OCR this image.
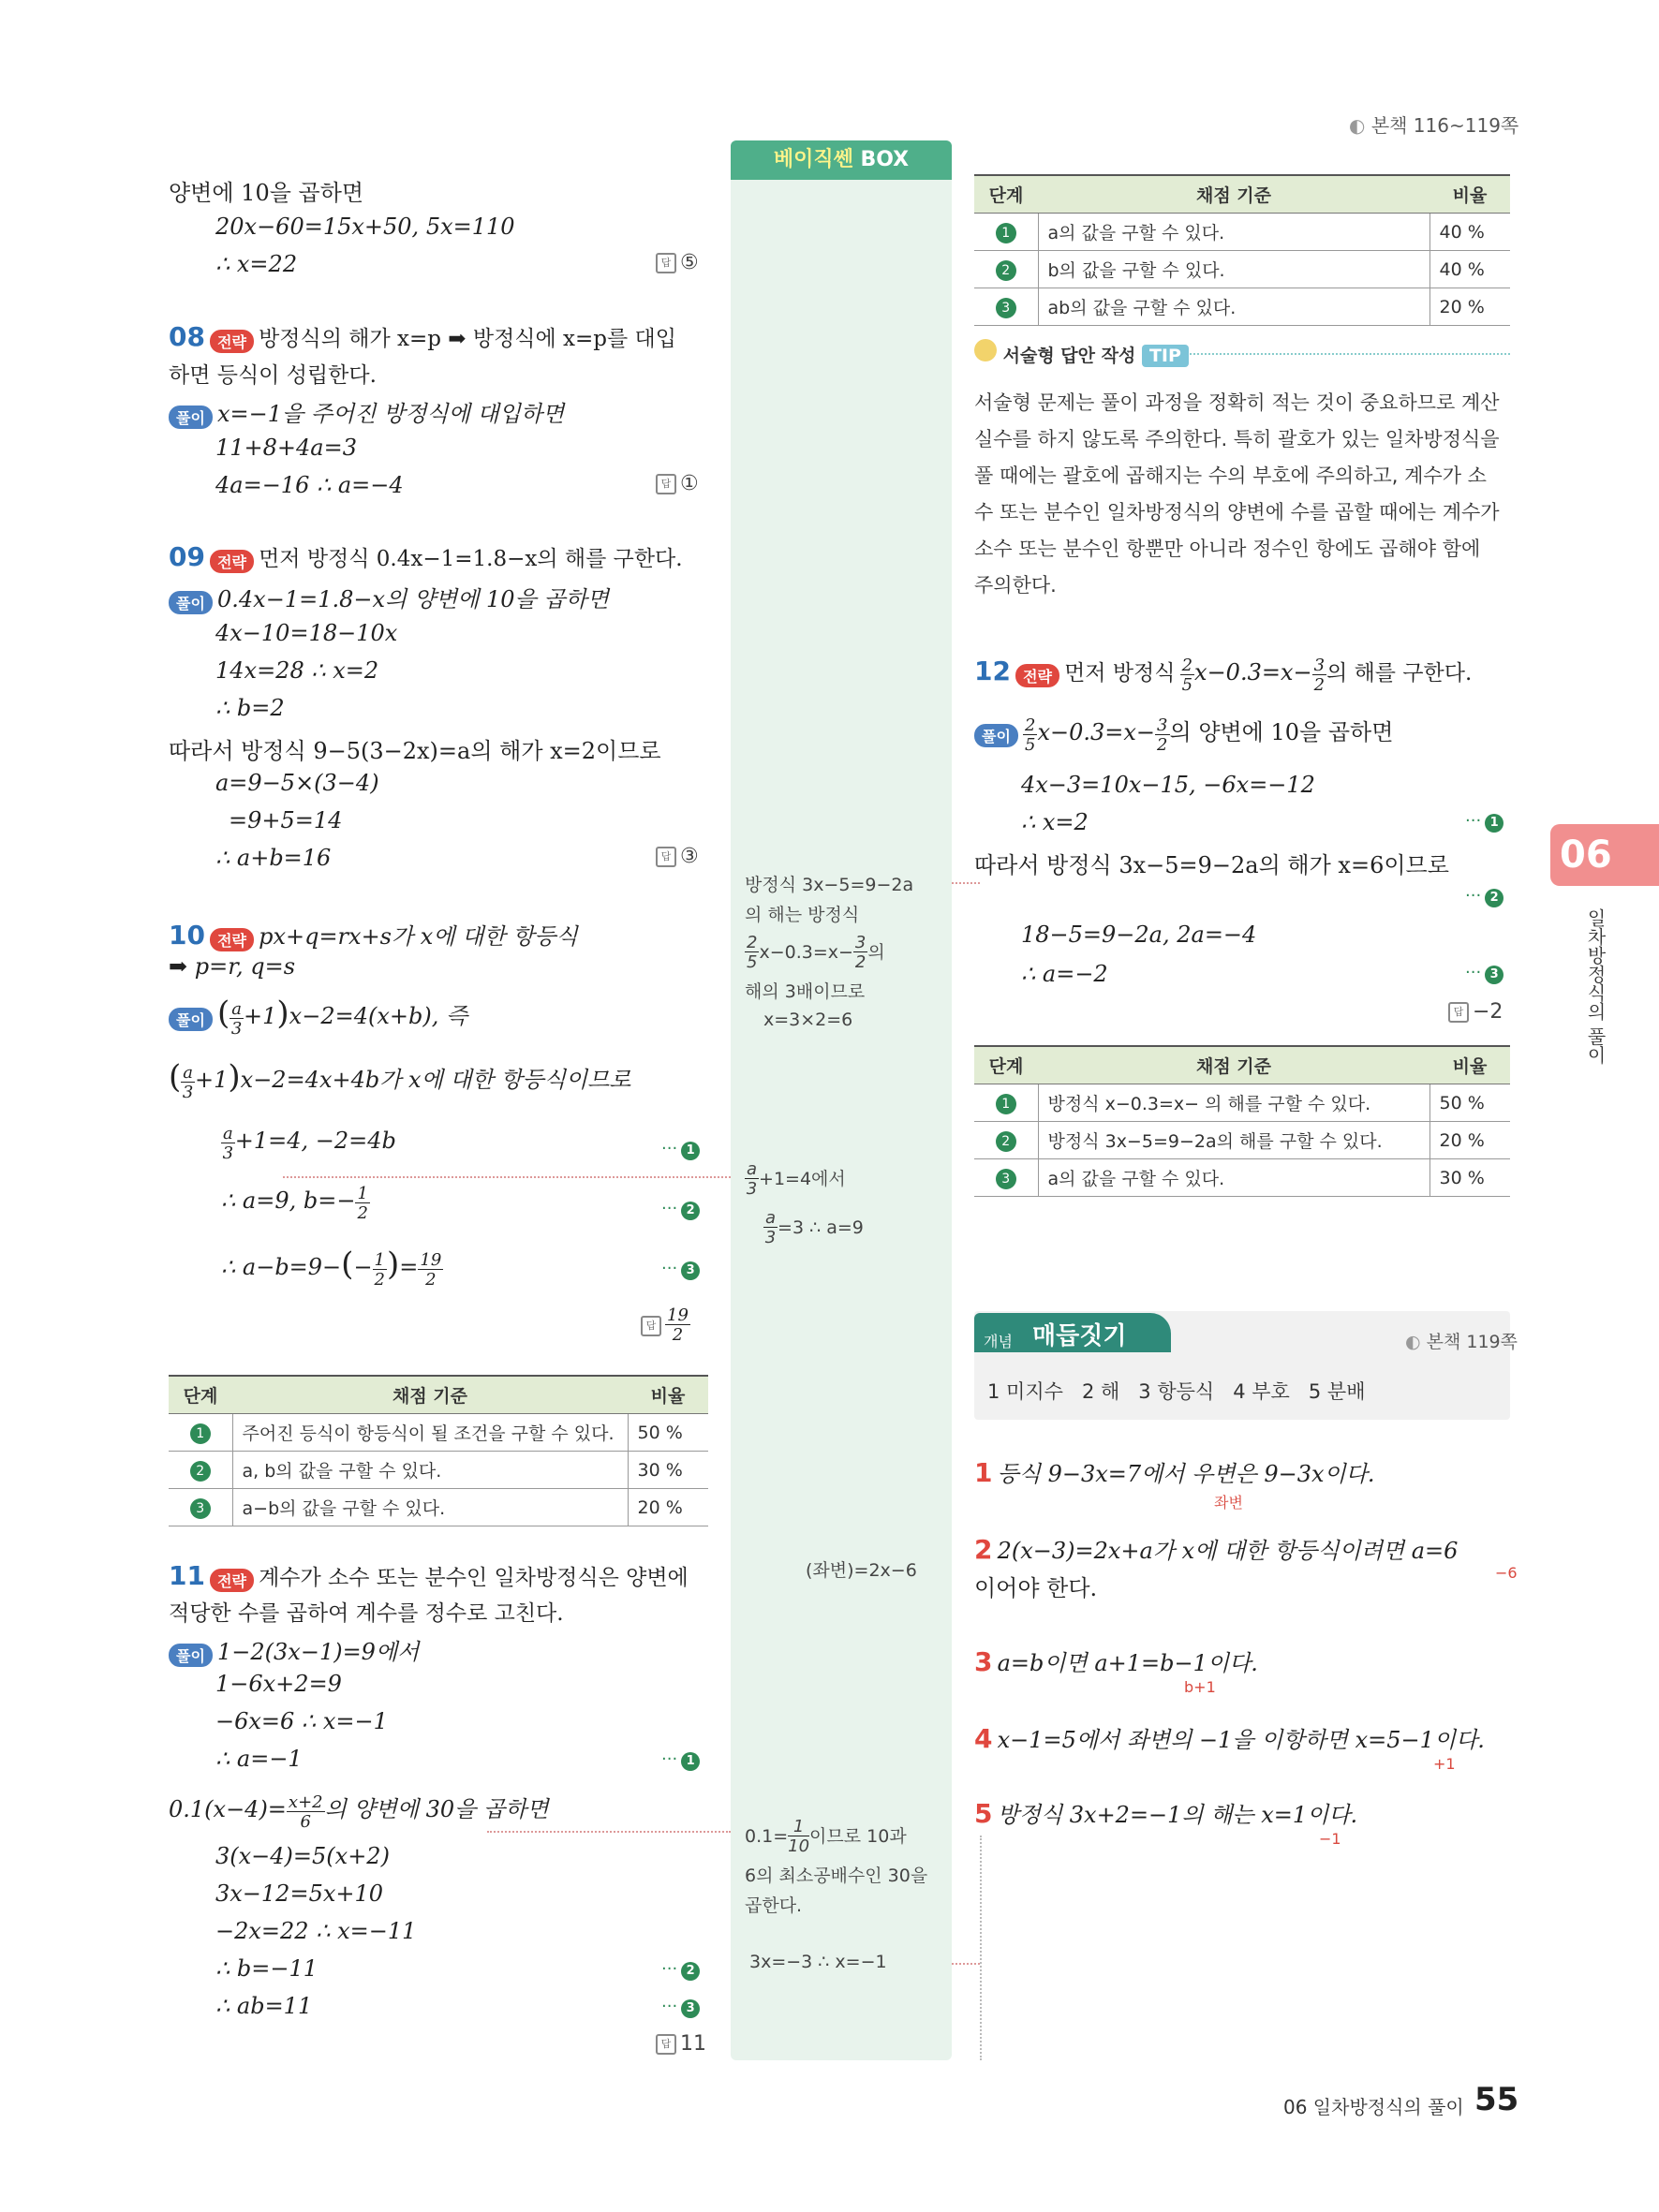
◐ 본책 116~119쪽
베이직쎈 BOX
방정식 3x−5=9−2a
의 해는 방정식
$\frac{2}{5} x-0.3=x- \frac{3}{2}$ 의
해의 3배이므로
x=3×2=6
$\frac{a}{3} +1=4$에서
$\frac{a}{3} =3$ ∴ a=9
(좌변)=2x−6
$0.1= \frac{1}{10}$ 이므로 10과
6의 최소공배수인 30을
곱한다.
3x=−3 ∴ x=−1
양변에 10을 곱하면
20x−60=15x+50, 5x=110
∴ x=22	답 ⑤
08 전략 방정식의 해가 x=p ➡ 방정식에 x=p를 대입
하면 등식이 성립한다.
풀이 x=−1을 주어진 방정식에 대입하면
11+8+4a=3
4a=−16 ∴ a=−4	답 ①
09 전략 먼저 방정식 0.4x−1=1.8−x의 해를 구한다.
풀이 0.4x−1=1.8−x의 양변에 10을 곱하면
4x−10=18−10x
14x=28 ∴ x=2
∴ b=2
따라서 방정식 9−5(3−2x)=a의 해가 x=2이므로
a=9−5×(3−4)
=9+5=14
∴ a+b=16	답 ③
10 전략 px+q=rx+s가 x에 대한 항등식
➡ p=r, q=s
풀이 ( $\frac{a}{3} +1)x-2=4(x+b)$, 즉
( $\frac{a}{3} +1)x-2=4x+4b$가 x에 대한 항등식이므로
$\frac{a}{3} +1=4$, −2=4b	··· 1
∴ a=9, $b=- \frac{1}{2}$	··· 2
∴ $a-b=9-(- \frac{1}{2}$ )= $\frac{19}{2}$	··· 3
답 $\frac{19}{2}$
단계	채점 기준	비율
1	주어진 등식이 항등식이 될 조건을 구할 수 있다.	50 %
2	a, b의 값을 구할 수 있다.	30 %
3	a−b의 값을 구할 수 있다.	20 %
11 전략 계수가 소수 또는 분수인 일차방정식은 양변에
적당한 수를 곱하여 계수를 정수로 고친다.
풀이 1−2(3x−1)=9에서
1−6x+2=9
−6x=6 ∴ x=−1
∴ a=−1	··· 1
$0.1(x-4)= \frac{x+2}{6}$ 의 양변에 30을 곱하면
3(x−4)=5(x+2)
3x−12=5x+10
−2x=22 ∴ x=−11
∴ b=−11	··· 2
∴ ab=11	··· 3
답 11
단계	채점 기준	비율
1	a의 값을 구할 수 있다.	40 %
2	b의 값을 구할 수 있다.	40 %
3	ab의 값을 구할 수 있다.	20 %
서술형 답안 작성 TIP
서술형 문제는 풀이 과정을 정확히 적는 것이 중요하므로 계산
실수를 하지 않도록 주의한다. 특히 괄호가 있는 일차방정식을
풀 때에는 괄호에 곱해지는 수의 부호에 주의하고, 계수가 소
수 또는 분수인 일차방정식의 양변에 수를 곱할 때에는 계수가
소수 또는 분수인 항뿐만 아니라 정수인 항에도 곱해야 함에
주의한다.
12 전략 먼저 방정식 $\frac{2}{5} x-0.3=x- \frac{3}{2}$ 의 해를 구한다.
풀이 $\frac{2}{5} x-0.3=x- \frac{3}{2}$ 의 양변에 10을 곱하면
4x−3=10x−15, −6x=−12
∴ x=2	··· 1
따라서 방정식 3x−5=9−2a의 해가 x=6이므로
··· 2
18−5=9−2a, 2a=−4
∴ a=−2	··· 3
답 −2
단계	채점 기준	비율
1	방정식 x−0.3=x− 의 해를 구할 수 있다.	50 %
2	방정식 3x−5=9−2a의 해를 구할 수 있다.	20 %
3	a의 값을 구할 수 있다.	30 %
개념 매듭짓기	◐ 본책 119쪽
1 미지수 2 해 3 항등식 4 부호 5 분배
1 등식 9−3x=7에서 우변은 9−3x이다.
좌변
2 2(x−3)=2x+a가 x에 대한 항등식이려면 a=6
이어야 한다.
−6
3 a=b이면 a+1=b−1이다.
b+1
4 x−1=5에서 좌변의 −1을 이항하면 x=5−1이다.
+1
5 방정식 3x+2=−1의 해는 x=1이다.
−1
06
일차방정식의 풀이
06 일차방정식의 풀이 55
